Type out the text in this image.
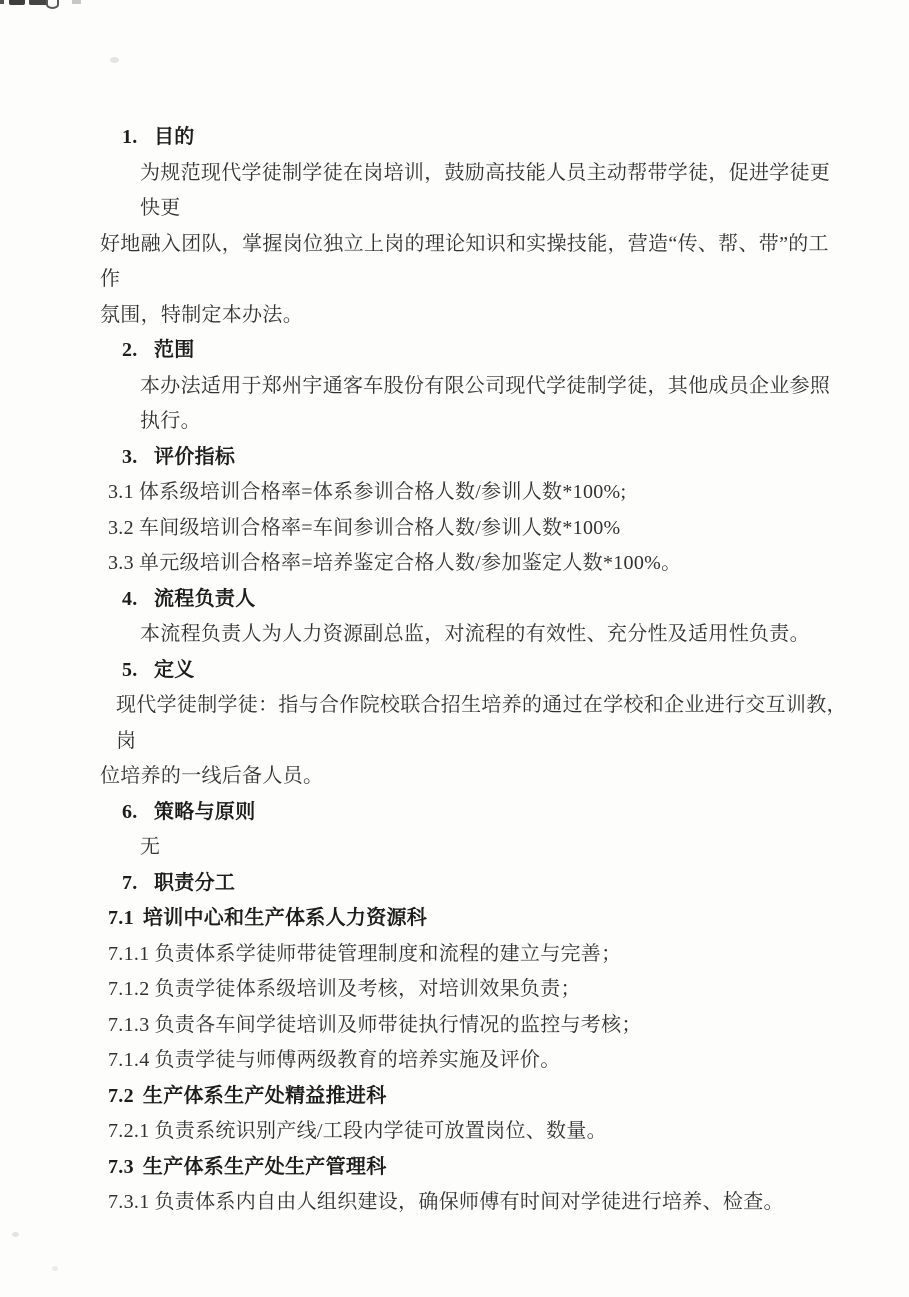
1. 目的
为规范现代学徒制学徒在岗培训，鼓励高技能人员主动帮带学徒，促进学徒更快更
好地融入团队，掌握岗位独立上岗的理论知识和实操技能，营造“传、帮、带”的工作
氛围，特制定本办法。
2. 范围
本办法适用于郑州宇通客车股份有限公司现代学徒制学徒，其他成员企业参照执行。
3. 评价指标
3.1 体系级培训合格率=体系参训合格人数/参训人数*100%;
3.2 车间级培训合格率=车间参训合格人数/参训人数*100%
3.3 单元级培训合格率=培养鉴定合格人数/参加鉴定人数*100%。
4. 流程负责人
本流程负责人为人力资源副总监，对流程的有效性、充分性及适用性负责。
5. 定义
现代学徒制学徒：指与合作院校联合招生培养的通过在学校和企业进行交互训教，岗
位培养的一线后备人员。
6. 策略与原则
无
7. 职责分工
7.1 培训中心和生产体系人力资源科
7.1.1 负责体系学徒师带徒管理制度和流程的建立与完善；
7.1.2 负责学徒体系级培训及考核，对培训效果负责；
7.1.3 负责各车间学徒培训及师带徒执行情况的监控与考核；
7.1.4 负责学徒与师傅两级教育的培养实施及评价。
7.2 生产体系生产处精益推进科
7.2.1 负责系统识别产线/工段内学徒可放置岗位、数量。
7.3 生产体系生产处生产管理科
7.3.1 负责体系内自由人组织建设，确保师傅有时间对学徒进行培养、检查。
